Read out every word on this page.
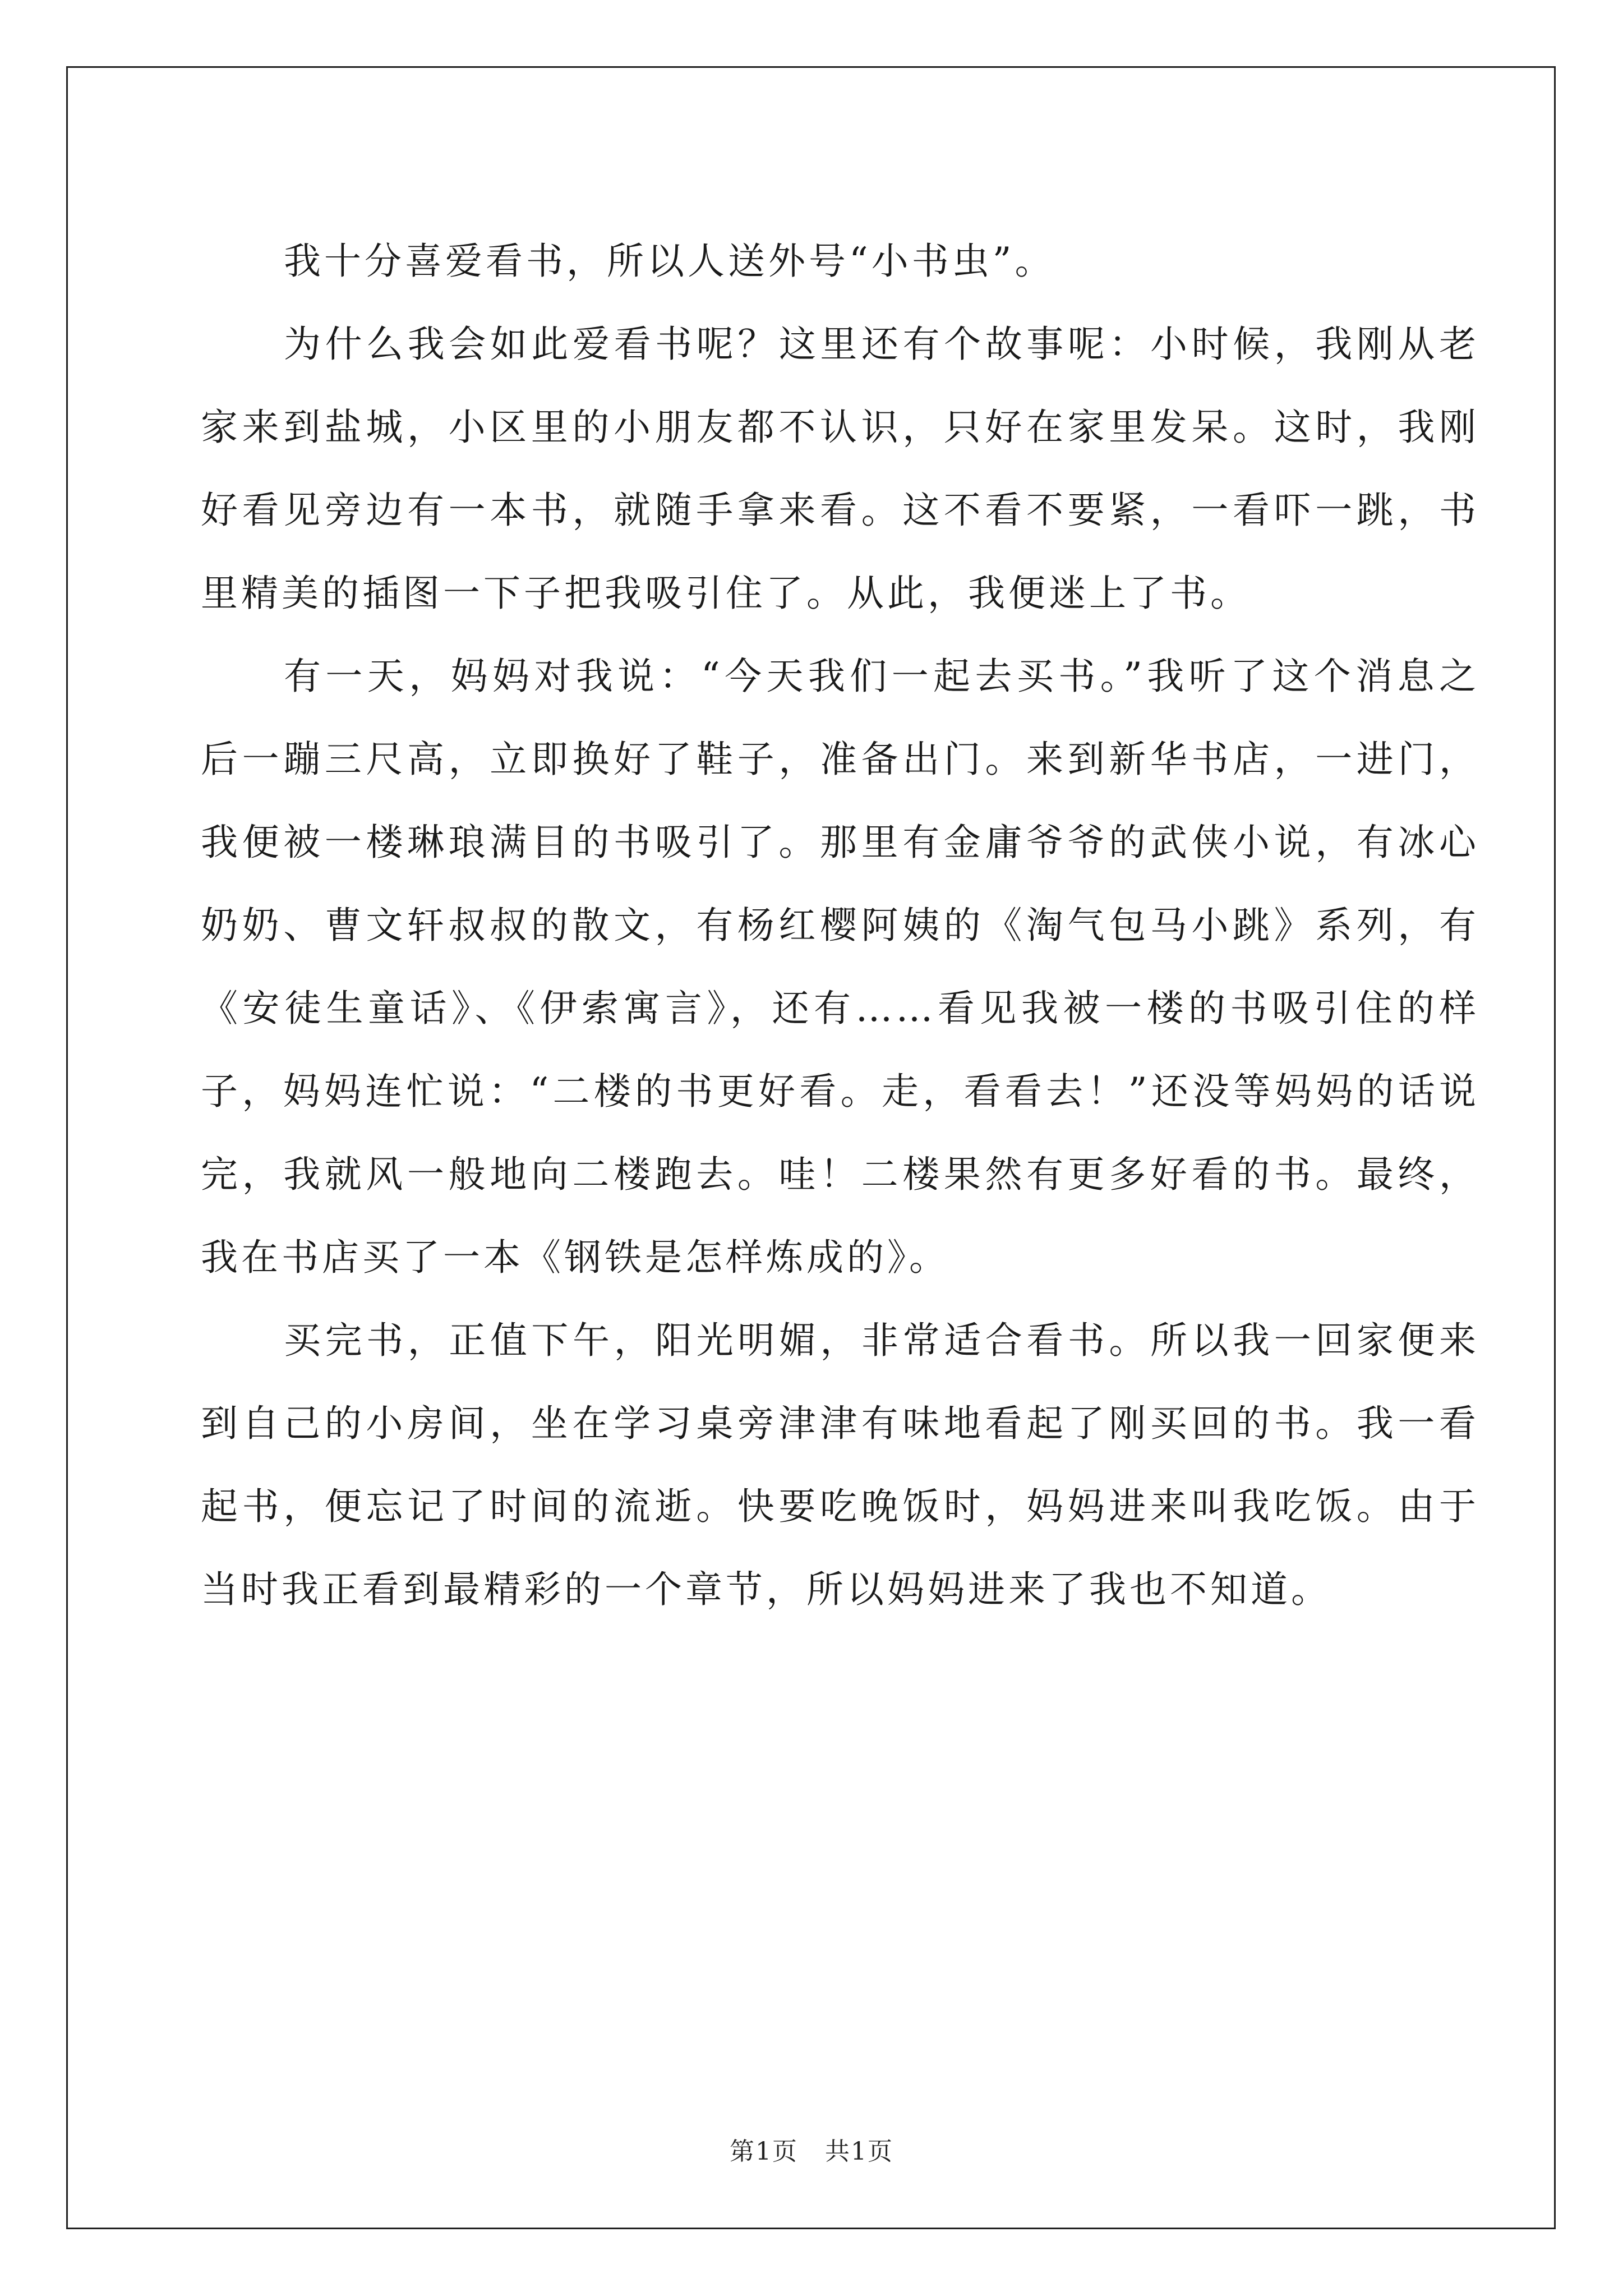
我十分喜爱看书，所以人送外号“小书虫”。

为什么我会如此爱看书呢？这里还有个故事呢：小时候，我刚从老家来到盐城，小区里的小朋友都不认识，只好在家里发呆。这时，我刚好看见旁边有一本书，就随手拿来看。这不看不要紧，一看吓一跳，书里精美的插图一下子把我吸引住了。从此，我便迷上了书。

有一天，妈妈对我说：“今天我们一起去买书。”我听了这个消息之后一蹦三尺高，立即换好了鞋子，准备出门。来到新华书店，一进门，我便被一楼琳琅满目的书吸引了。那里有金庸爷爷的武侠小说，有冰心奶奶、曹文轩叔叔的散文，有杨红樱阿姨的《淘气包马小跳》系列，有《安徒生童话》、《伊索寓言》，还有……看见我被一楼的书吸引住的样子，妈妈连忙说：“二楼的书更好看。走，看看去！”还没等妈妈的话说完，我就风一般地向二楼跑去。哇！二楼果然有更多好看的书。最终，我在书店买了一本《钢铁是怎样炼成的》。

买完书，正值下午，阳光明媚，非常适合看书。所以我一回家便来到自己的小房间，坐在学习桌旁津津有味地看起了刚买回的书。我一看起书，便忘记了时间的流逝。快要吃晚饭时，妈妈进来叫我吃饭。由于当时我正看到最精彩的一个章节，所以妈妈进来了我也不知道。

第1页 共1页
